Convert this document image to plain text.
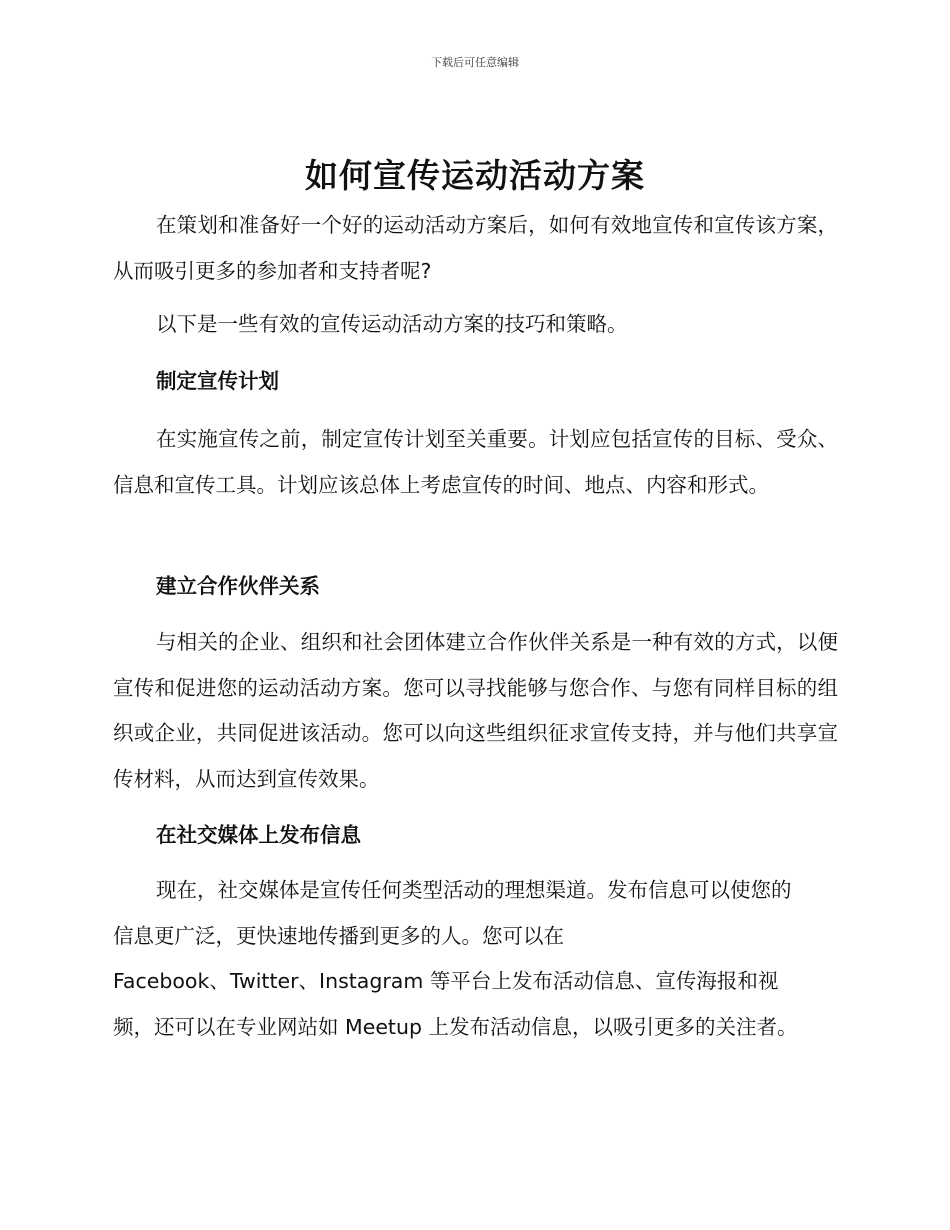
下载后可任意编辑
如何宣传运动活动方案

在策划和准备好一个好的运动活动方案后，如何有效地宣传和宣传该方案，从而吸引更多的参加者和支持者呢?

以下是一些有效的宣传运动活动方案的技巧和策略。

制定宣传计划

在实施宣传之前，制定宣传计划至关重要。计划应包括宣传的目标、受众、信息和宣传工具。计划应该总体上考虑宣传的时间、地点、内容和形式。

建立合作伙伴关系

与相关的企业、组织和社会团体建立合作伙伴关系是一种有效的方式，以便宣传和促进您的运动活动方案。您可以寻找能够与您合作、与您有同样目标的组织或企业，共同促进该活动。您可以向这些组织征求宣传支持，并与他们共享宣传材料，从而达到宣传效果。

在社交媒体上发布信息

现在，社交媒体是宣传任何类型活动的理想渠道。发布信息可以使您的

信息更广泛，更快速地传播到更多的人。您可以在

Facebook、Twitter、Instagram 等平台上发布活动信息、宣传海报和视

频，还可以在专业网站如 Meetup 上发布活动信息，以吸引更多的关注者。
